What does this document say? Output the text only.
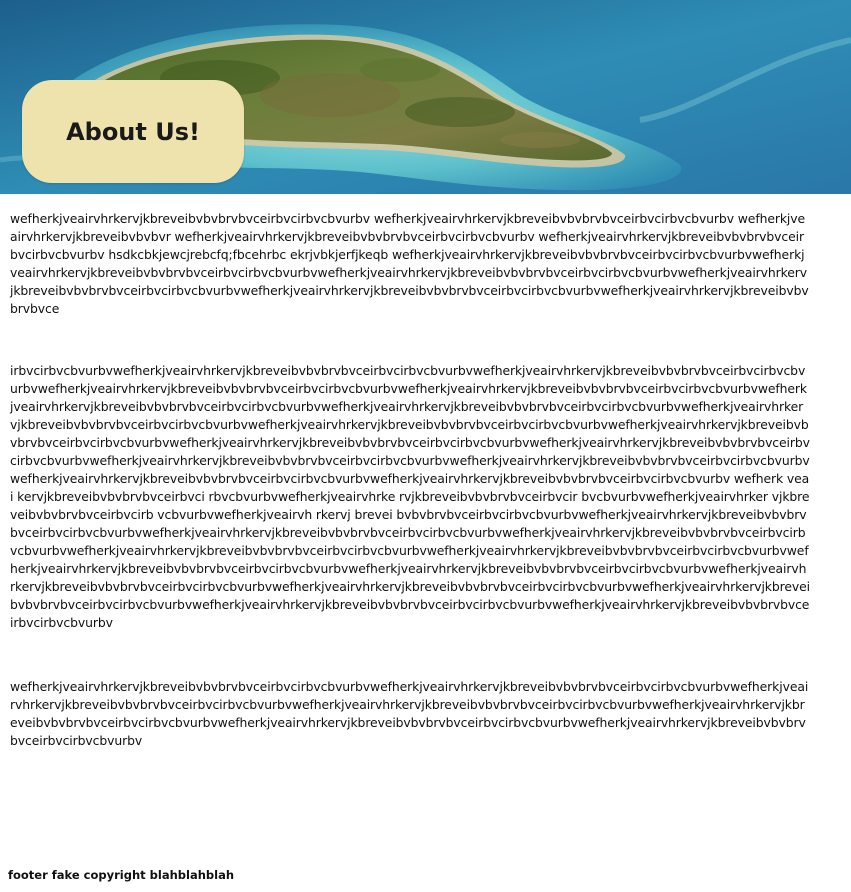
About Us!

wefherkjveairvhrkervjkbreveibvbvbrvbvceirbvcirbvcbvurbv wefherkjveairvhrkervjkbreveibvbvbrvbvceirbvcirbvcbvurbv wefherkjveairvhrkervjkbreveibvbvbvr wefherkjveairvhrkervjkbreveibvbvbrvbvceirbvcirbvcbvurbv wefherkjveairvhrkervjkbreveibvbvbrvbvceirbvcirbvcbvurbv hsdkcbkjewcjrebcfq;fbcehrbc ekrjvbkjerfjkeqb wefherkjveairvhrkervjkbreveibvbvbrvbvceirbvcirbvcbvurbvwefherkjveairvhrkervjkbreveibvbvbrvbvceirbvcirbvcbvurbvwefherkjveairvhrkervjkbreveibvbvbrvbvceirbvcirbvcbvurbvwefherkjveairvhrkervjkbreveibvbvbrvbvceirbvcirbvcbvurbvwefherkjveairvhrkervjkbreveibvbvbrvbvceirbvcirbvcbvurbvwefherkjveairvhrkervjkbreveibvbvbrvbvce

irbvcirbvcbvurbvwefherkjveairvhrkervjkbreveibvbvbrvbvceirbvcirbvcbvurbvwefherkjveairvhrkervjkbreveibvbvbrvbvceirbvcirbvcbvurbvwefherkjveairvhrkervjkbreveibvbvbrvbvceirbvcirbvcbvurbvwefherkjveairvhrkervjkbreveibvbvbrvbvceirbvcirbvcbvurbvwefherkjveairvhrkervjkbreveibvbvbrvbvceirbvcirbvcbvurbvwefherkjveairvhrkervjkbreveibvbvbrvbvceirbvcirbvcbvurbvwefherkjveairvhrkervjkbreveibvbvbrvbvceirbvcirbvcbvurbvwefherkjveairvhrkervjkbreveibvbvbrvbvceirbvcirbvcbvurbvwefherkjveairvhrkervjkbreveibvbvbrvbvceirbvcirbvcbvurbvwefherkjveairvhrkervjkbreveibvbvbrvbvceirbvcirbvcbvurbvwefherkjveairvhrkervjkbreveibvbvbrvbvceirbvcirbvcbvurbvwefherkjveairvhrkervjkbreveibvbvbrvbvceirbvcirbvcbvurbvwefherkjveairvhrkervjkbreveibvbvbrvbvceirbvcirbvcbvurbvwefherkjveairvhrkervjkbreveibvbvbrvbvceirbvcirbvcbvurbvwefherkjveairvhrkervjkbreveibvbvbrvbvceirbvcirbvcbvurbv wefherk veai kervjkbreveibvbvbrvbvceirbvci rbvcbvurbvwefherkjveairvhrke rvjkbreveibvbvbrvbvceirbvcir bvcbvurbvwefherkjveairvhrker vjkbreveibvbvbrvbvceirbvcirb vcbvurbvwefherkjveairvh rkervj brevei bvbvbrvbvceirbvcirbvcbvurbvwefherkjveairvhrkervjkbreveibvbvbrvbvceirbvcirbvcbvurbvwefherkjveairvhrkervjkbreveibvbvbrvbvceirbvcirbvcbvurbvwefherkjveairvhrkervjkbreveibvbvbrvbvceirbvcirbvcbvurbvwefherkjveairvhrkervjkbreveibvbvbrvbvceirbvcirbvcbvurbvwefherkjveairvhrkervjkbreveibvbvbrvbvceirbvcirbvcbvurbvwefherkjveairvhrkervjkbreveibvbvbrvbvceirbvcirbvcbvurbvwefherkjveairvhrkervjkbreveibvbvbrvbvceirbvcirbvcbvurbvwefherkjveairvhrkervjkbreveibvbvbrvbvceirbvcirbvcbvurbvwefherkjveairvhrkervjkbreveibvbvbrvbvceirbvcirbvcbvurbvwefherkjveairvhrkervjkbreveibvbvbrvbvceirbvcirbvcbvurbvwefherkjveairvhrkervjkbreveibvbvbrvbvceirbvcirbvcbvurbvwefherkjveairvhrkervjkbreveibvbvbrvbvceirbvcirbvcbvurbv

wefherkjveairvhrkervjkbreveibvbvbrvbvceirbvcirbvcbvurbvwefherkjveairvhrkervjkbreveibvbvbrvbvceirbvcirbvcbvurbvwefherkjveairvhrkervjkbreveibvbvbrvbvceirbvcirbvcbvurbvwefherkjveairvhrkervjkbreveibvbvbrvbvceirbvcirbvcbvurbvwefherkjveairvhrkervjkbreveibvbvbrvbvceirbvcirbvcbvurbvwefherkjveairvhrkervjkbreveibvbvbrvbvceirbvcirbvcbvurbvwefherkjveairvhrkervjkbreveibvbvbrvbvceirbvcirbvcbvurbv

footer fake copyright blahblahblah
